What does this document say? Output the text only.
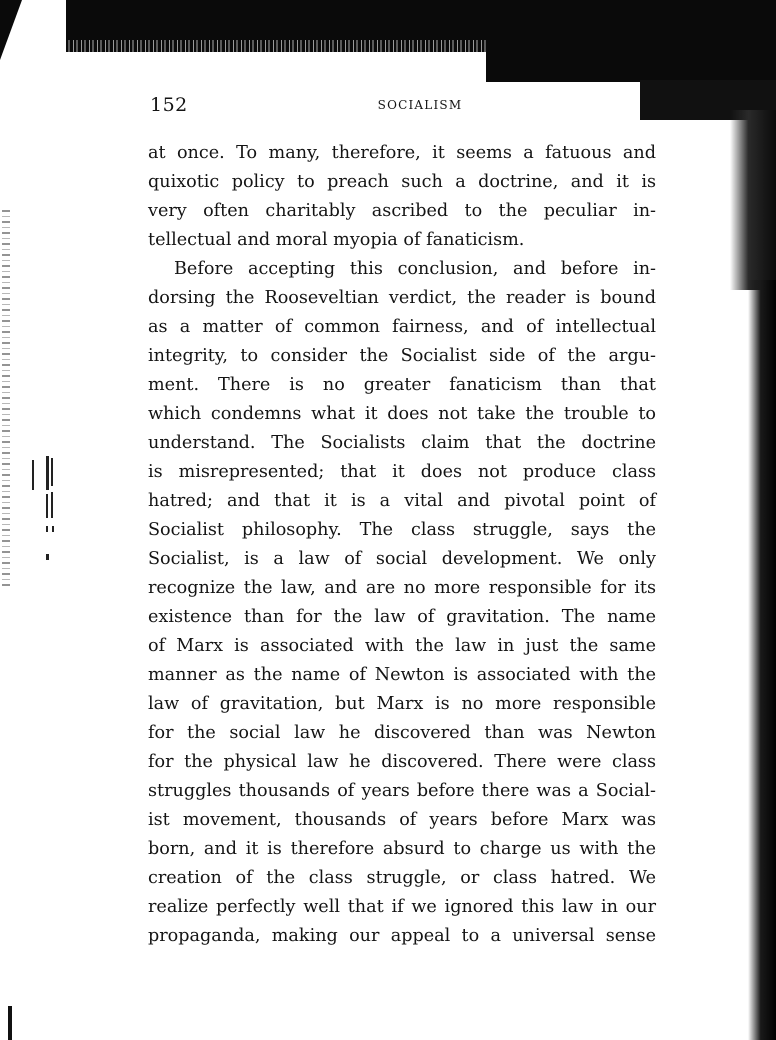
152	SOCIALISM
at once. To many, therefore, it seems a fatuous and
quixotic policy to preach such a doctrine, and it is
very often charitably ascribed to the peculiar in-
tellectual and moral myopia of fanaticism.
Before accepting this conclusion, and before in-
dorsing the Rooseveltian verdict, the reader is bound
as a matter of common fairness, and of intellectual
integrity, to consider the Socialist side of the argu-
ment. There is no greater fanaticism than that
which condemns what it does not take the trouble to
understand. The Socialists claim that the doctrine
is misrepresented; that it does not produce class
hatred; and that it is a vital and pivotal point of
Socialist philosophy. The class struggle, says the
Socialist, is a law of social development. We only
recognize the law, and are no more responsible for its
existence than for the law of gravitation. The name
of Marx is associated with the law in just the same
manner as the name of Newton is associated with the
law of gravitation, but Marx is no more responsible
for the social law he discovered than was Newton
for the physical law he discovered. There were class
struggles thousands of years before there was a Social-
ist movement, thousands of years before Marx was
born, and it is therefore absurd to charge us with the
creation of the class struggle, or class hatred. We
realize perfectly well that if we ignored this law in our
propaganda, making our appeal to a universal sense
